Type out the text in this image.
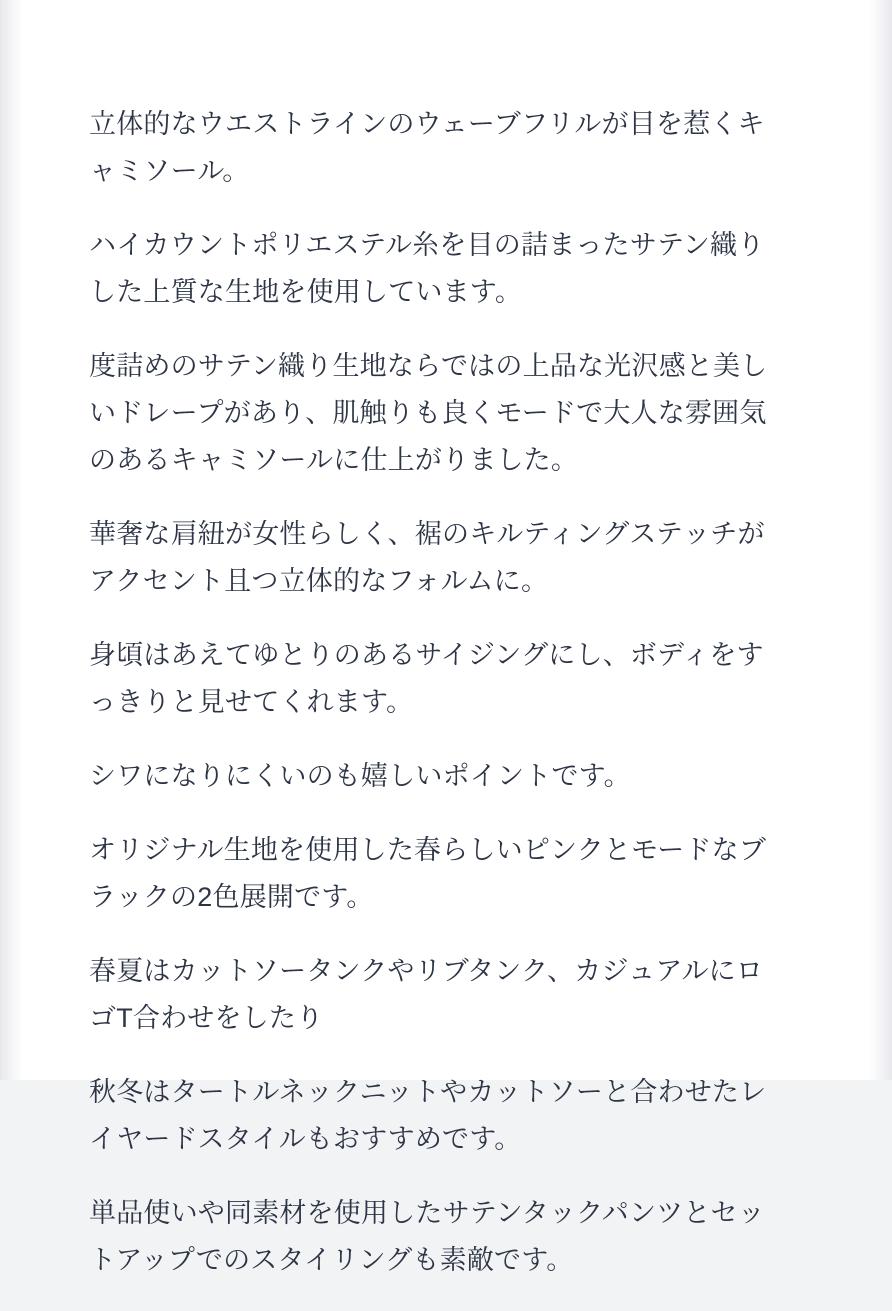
立体的なウエストラインのウェーブフリルが目を惹くキャミソール。

ハイカウントポリエステル糸を目の詰まったサテン織りした上質な生地を使用しています。

度詰めのサテン織り生地ならではの上品な光沢感と美しいドレープがあり、肌触りも良くモードで大人な雰囲気のあるキャミソールに仕上がりました。

華奢な肩紐が女性らしく、裾のキルティングステッチがアクセント且つ立体的なフォルムに。

身頃はあえてゆとりのあるサイジングにし、ボディをすっきりと見せてくれます。

シワになりにくいのも嬉しいポイントです。

オリジナル生地を使用した春らしいピンクとモードなブラックの2色展開です。

春夏はカットソータンクやリブタンク、カジュアルにロゴT合わせをしたり

秋冬はタートルネックニットやカットソーと合わせたレイヤードスタイルもおすすめです。

単品使いや同素材を使用したサテンタックパンツとセットアップでのスタイリングも素敵です。
